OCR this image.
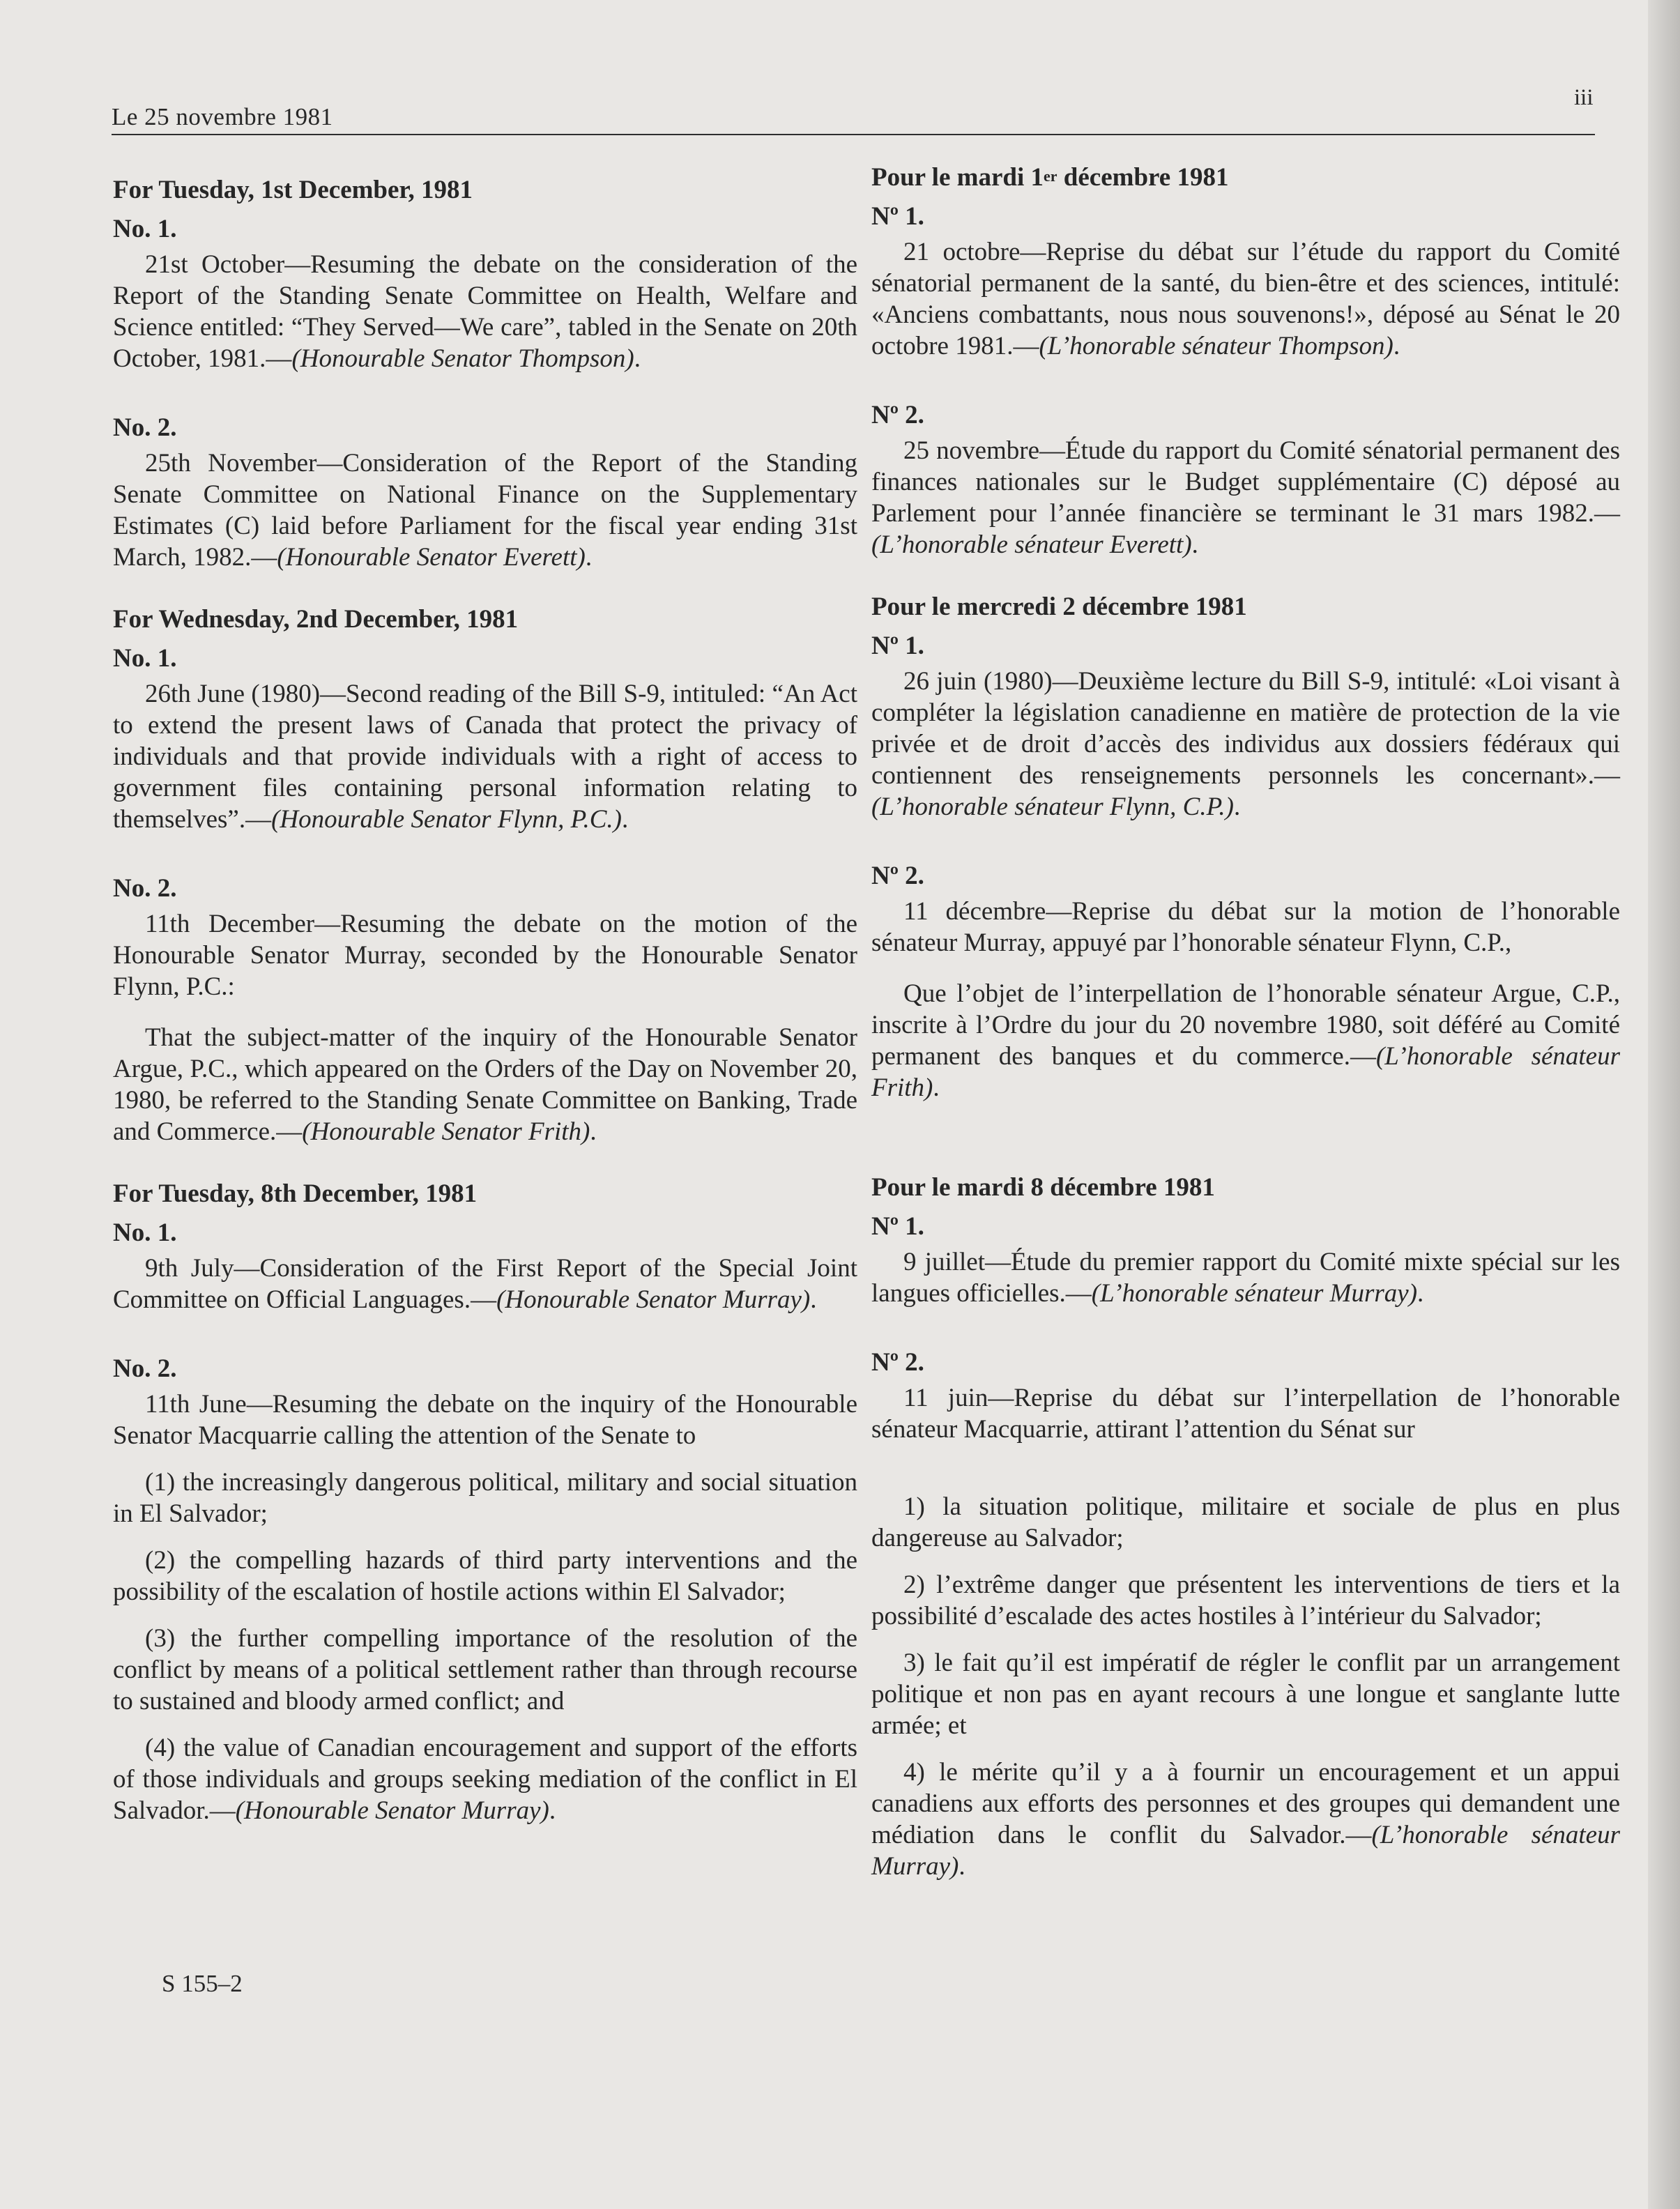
Le 25 novembre 1981
iii
For Tuesday, 1st December, 1981
No. 1.

21st October—Resuming the debate on the consideration of the Report of the Standing Senate Committee on Health, Welfare and Science entitled: “They Served—We care”, tabled in the Senate on 20th October, 1981.—(Honourable Senator Thompson).

No. 2.

25th November—Consideration of the Report of the Standing Senate Committee on National Finance on the Supplementary Estimates (C) laid before Parliament for the fiscal year ending 31st March, 1982.—(Honourable Senator Everett).

For Wednesday, 2nd December, 1981
No. 1.

26th June (1980)—Second reading of the Bill S-9, intituled: “An Act to extend the present laws of Canada that protect the privacy of individuals and that provide individuals with a right of access to government files containing personal information relating to themselves”.—(Honourable Senator Flynn, P.C.).

No. 2.

11th December—Resuming the debate on the motion of the Honourable Senator Murray, seconded by the Honourable Senator Flynn, P.C.:

That the subject-matter of the inquiry of the Honourable Senator Argue, P.C., which appeared on the Orders of the Day on November 20, 1980, be referred to the Standing Senate Committee on Banking, Trade and Commerce.—(Honourable Senator Frith).

For Tuesday, 8th December, 1981
No. 1.

9th July—Consideration of the First Report of the Special Joint Committee on Official Languages.—(Honourable Senator Murray).

No. 2.

11th June—Resuming the debate on the inquiry of the Honourable Senator Macquarrie calling the attention of the Senate to

(1) the increasingly dangerous political, military and social situation in El Salvador;

(2) the compelling hazards of third party interventions and the possibility of the escalation of hostile actions within El Salvador;

(3) the further compelling importance of the resolution of the conflict by means of a political settlement rather than through recourse to sustained and bloody armed conflict; and

(4) the value of Canadian encouragement and support of the efforts of those individuals and groups seeking mediation of the conflict in El Salvador.—(Honourable Senator Murray).

S 155–2
Pour le mardi 1er décembre 1981
Nº 1.

21 octobre—Reprise du débat sur l’étude du rapport du Comité sénatorial permanent de la santé, du bien-être et des sciences, intitulé: «Anciens combattants, nous nous souvenons!», déposé au Sénat le 20 octobre 1981.—(L’honorable sénateur Thompson).

Nº 2.

25 novembre—Étude du rapport du Comité sénatorial permanent des finances nationales sur le Budget supplémentaire (C) déposé au Parlement pour l’année financière se terminant le 31 mars 1982.—(L’honorable sénateur Everett).

Pour le mercredi 2 décembre 1981
Nº 1.

26 juin (1980)—Deuxième lecture du Bill S-9, intitulé: «Loi visant à compléter la législation canadienne en matière de protection de la vie privée et de droit d’accès des individus aux dossiers fédéraux qui contiennent des renseignements personnels les concernant».—(L’honorable sénateur Flynn, C.P.).

Nº 2.

11 décembre—Reprise du débat sur la motion de l’honorable sénateur Murray, appuyé par l’honorable sénateur Flynn, C.P.,

Que l’objet de l’interpellation de l’honorable sénateur Argue, C.P., inscrite à l’Ordre du jour du 20 novembre 1980, soit déféré au Comité permanent des banques et du commerce.—(L’honorable sénateur Frith).

Pour le mardi 8 décembre 1981
Nº 1.

9 juillet—Étude du premier rapport du Comité mixte spécial sur les langues officielles.—(L’honorable sénateur Murray).

Nº 2.

11 juin—Reprise du débat sur l’interpellation de l’honorable sénateur Macquarrie, attirant l’attention du Sénat sur

1) la situation politique, militaire et sociale de plus en plus dangereuse au Salvador;

2) l’extrême danger que présentent les interventions de tiers et la possibilité d’escalade des actes hostiles à l’intérieur du Salvador;

3) le fait qu’il est impératif de régler le conflit par un arrangement politique et non pas en ayant recours à une longue et sanglante lutte armée; et

4) le mérite qu’il y a à fournir un encouragement et un appui canadiens aux efforts des personnes et des groupes qui demandent une médiation dans le conflit du Salvador.—(L’honorable sénateur Murray).
